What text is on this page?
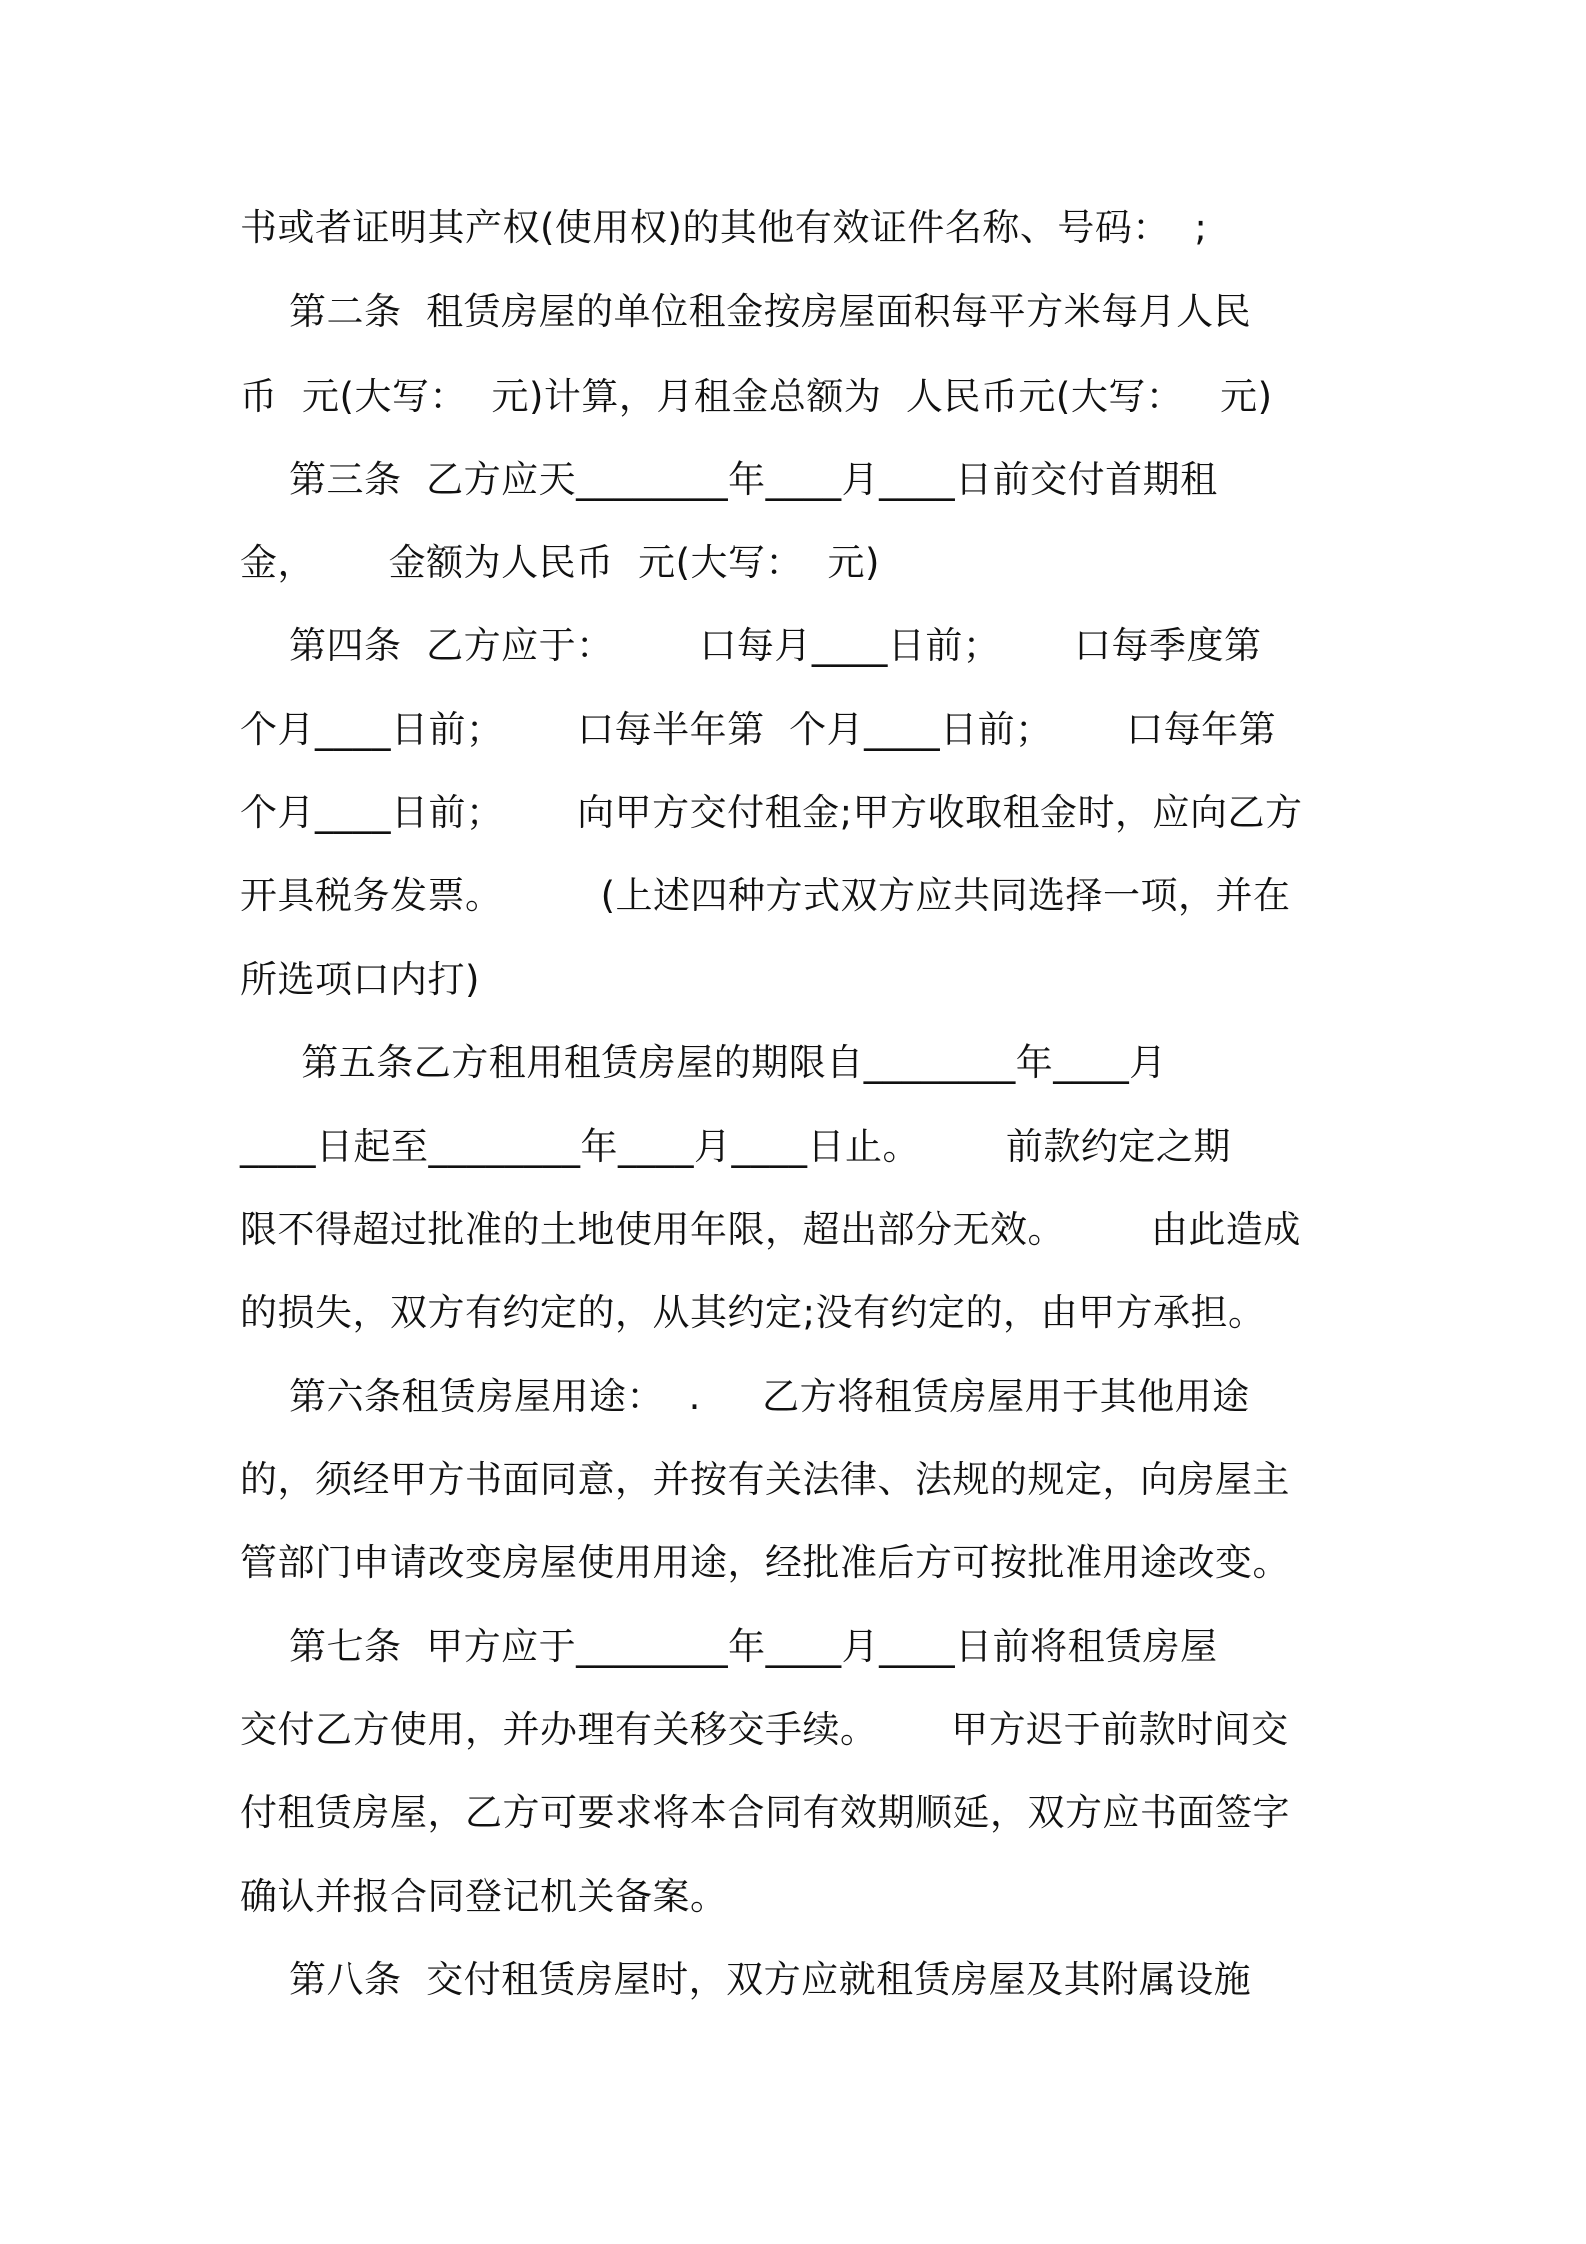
书或者证明其产权(使用权)的其他有效证件名称、号码：  ;
第二条  租赁房屋的单位租金按房屋面积每平方米每月人民
币  元(大写：  元)计算，月租金总额为  人民币元(大写：   元)
第三条  乙方应天________年____月____日前交付首期租
金，      金额为人民币  元(大写：  元)
第四条  乙方应于：       口每月____日前；      口每季度第
个月____日前；      口每半年第  个月____日前；      口每年第
个月____日前；      向甲方交付租金;甲方收取租金时，应向乙方
开具税务发票。        (上述四种方式双方应共同选择一项，并在
所选项口内打)
第五条乙方租用租赁房屋的期限自________年____月
____日起至________年____月____日止。       前款约定之期
限不得超过批准的土地使用年限，超出部分无效。       由此造成
的损失，双方有约定的，从其约定;没有约定的，由甲方承担。
第六条租赁房屋用途：  .     乙方将租赁房屋用于其他用途
的，须经甲方书面同意，并按有关法律、法规的规定，向房屋主
管部门申请改变房屋使用用途，经批准后方可按批准用途改变。
第七条  甲方应于________年____月____日前将租赁房屋
交付乙方使用，并办理有关移交手续。      甲方迟于前款时间交
付租赁房屋，乙方可要求将本合同有效期顺延，双方应书面签字
确认并报合同登记机关备案。
第八条  交付租赁房屋时，双方应就租赁房屋及其附属设施
